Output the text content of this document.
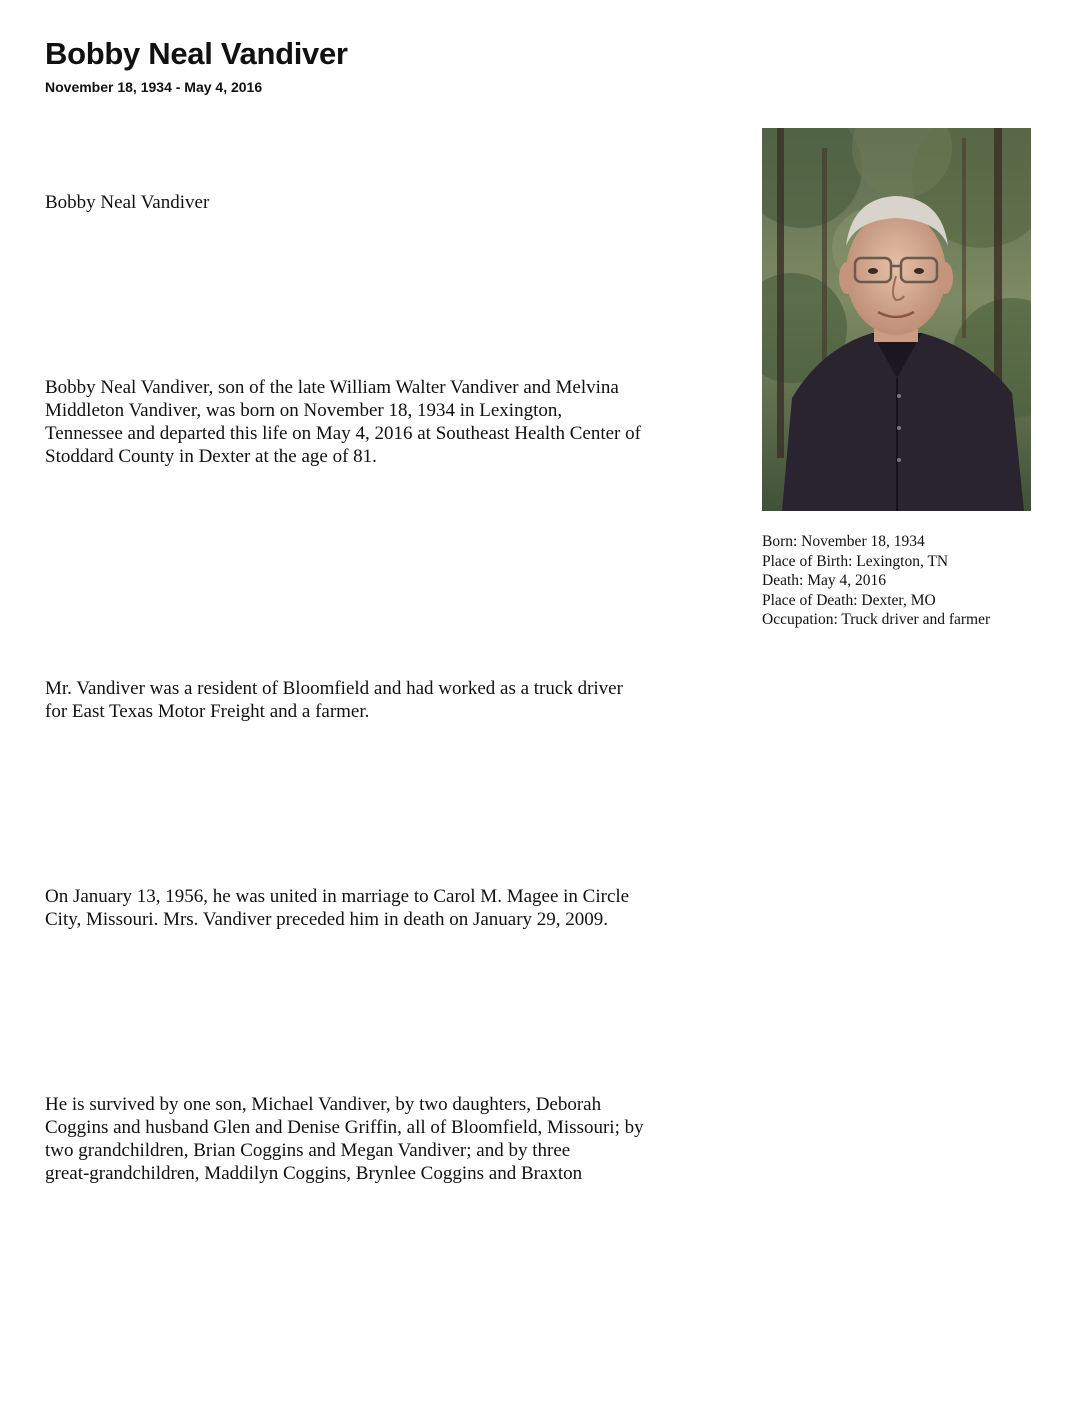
Bobby Neal Vandiver
November 18, 1934 - May 4, 2016

Bobby Neal Vandiver

Bobby Neal Vandiver, son of the late William Walter Vandiver and Melvina
Middleton Vandiver, was born on November 18, 1934 in Lexington,
Tennessee and departed this life on May 4, 2016 at Southeast Health Center of
Stoddard County in Dexter at the age of 81.

Mr. Vandiver was a resident of Bloomfield and had worked as a truck driver
for East Texas Motor Freight and a farmer.

On January 13, 1956, he was united in marriage to Carol M. Magee in Circle
City, Missouri. Mrs. Vandiver preceded him in death on January 29, 2009.

He is survived by one son, Michael Vandiver, by two daughters, Deborah
Coggins and husband Glen and Denise Griffin, all of Bloomfield, Missouri; by
two grandchildren, Brian Coggins and Megan Vandiver; and by three
great-grandchildren, Maddilyn Coggins, Brynlee Coggins and Braxton

Born: November 18, 1934
Place of Birth: Lexington, TN
Death: May 4, 2016
Place of Death: Dexter, MO
Occupation: Truck driver and farmer
